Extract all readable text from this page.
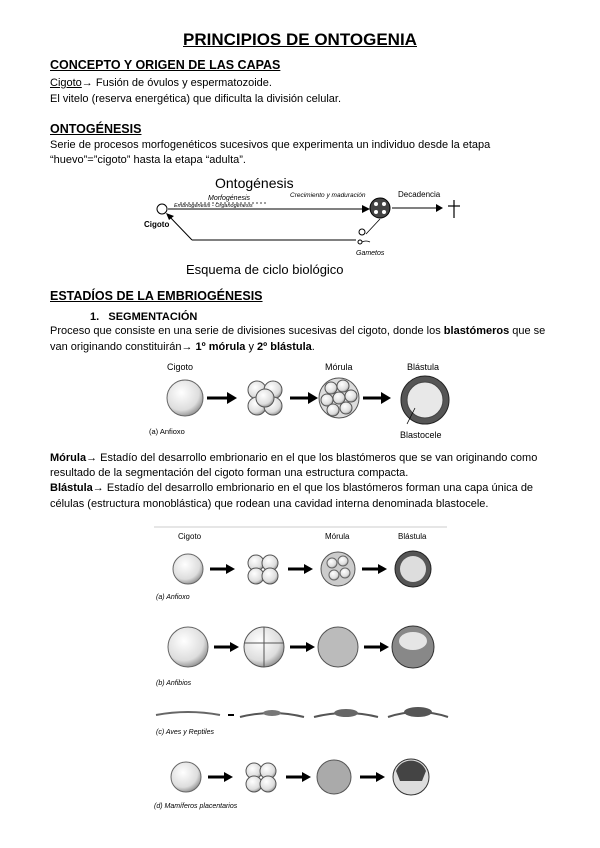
PRINCIPIOS DE ONTOGENIA
CONCEPTO Y ORIGEN DE LAS CAPAS
Cigoto→ Fusión de óvulos y espermatozoide.
El vitelo (reserva energética) que dificulta la división celular.
ONTOGÉNESIS
Serie de procesos morfogenéticos sucesivos que experimenta un individuo desde la etapa
“huevo”=”cigoto” hasta la etapa “adulta”.
Ontogénesis
Morfogénesis
Embriogénesis - Organogénesis
Crecimiento y maduración	Decadencia
Cigoto
Gametos
Esquema de ciclo biológico
ESTADÍOS DE LA EMBRIOGÉNESIS
1. SEGMENTACIÓN
Proceso que consiste en una serie de divisiones sucesivas del cigoto, donde los blastómeros que se
van originando constituirán→ 1º mórula y 2º blástula.
Cigoto	Mórula	Blástula
Blastocele
(a) Anfioxo
Mórula→ Estadío del desarrollo embrionario en el que los blastómeros que se van originando como
resultado de la segmentación del cigoto forman una estructura compacta.
Blástula→ Estadío del desarrollo embrionario en el que los blastómeros forman una capa única de
células (estructura monoblástica) que rodean una cavidad interna denominada blastocele.
Cigoto	Mórula	Blástula
(a) Anfioxo
(b) Anfibios
(c) Aves y Reptiles
(d) Mamíferos placentarios
